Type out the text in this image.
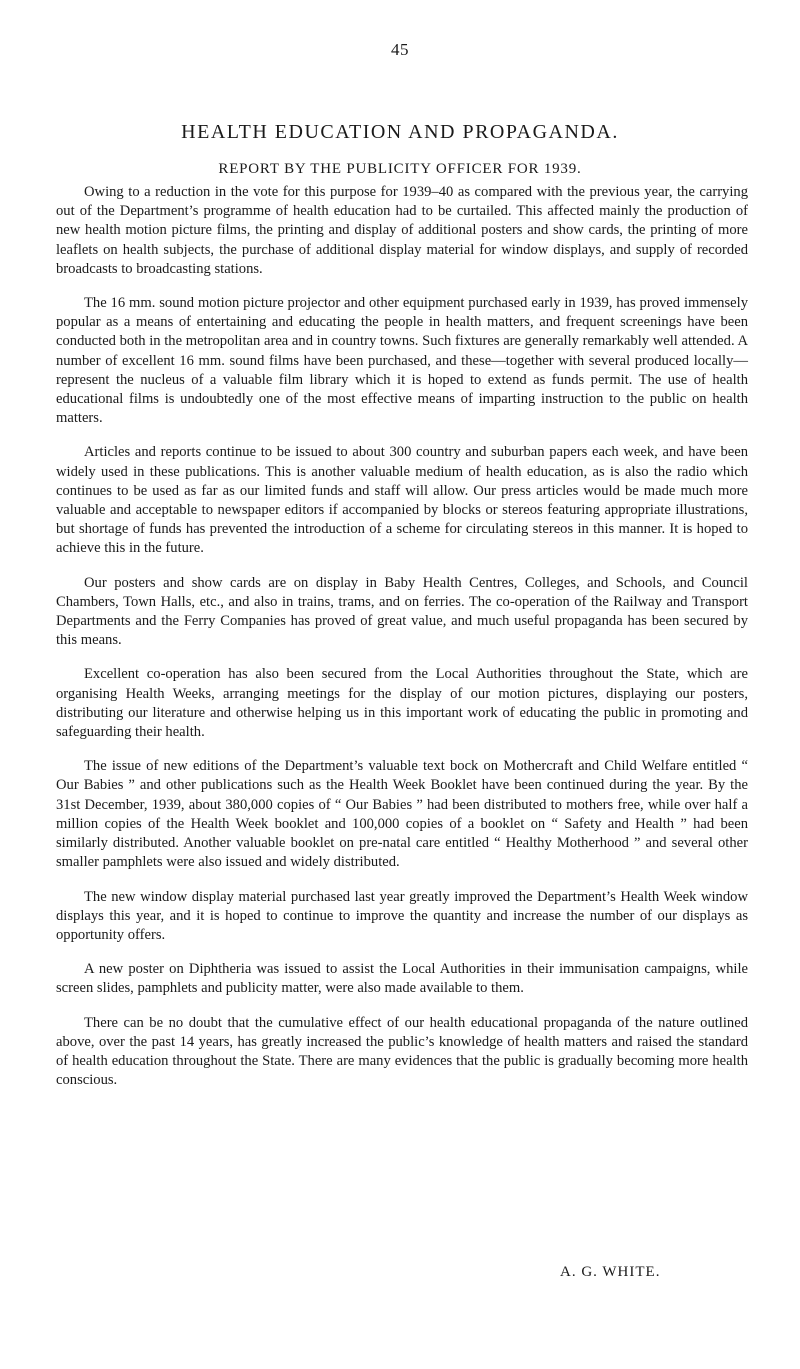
45
HEALTH EDUCATION AND PROPAGANDA.
REPORT BY THE PUBLICITY OFFICER FOR 1939.

Owing to a reduction in the vote for this purpose for 1939–40 as compared with the previous year, the carrying out of the Department’s programme of health education had to be curtailed. This affected mainly the production of new health motion picture films, the printing and display of additional posters and show cards, the printing of more leaflets on health subjects, the purchase of additional display material for window displays, and supply of recorded broadcasts to broadcasting stations.

The 16 mm. sound motion picture projector and other equipment purchased early in 1939, has proved immensely popular as a means of entertaining and educating the people in health matters, and frequent screenings have been conducted both in the metropolitan area and in country towns. Such fixtures are generally remarkably well attended. A number of excellent 16 mm. sound films have been purchased, and these—together with several produced locally—represent the nucleus of a valuable film library which it is hoped to extend as funds permit. The use of health educational films is undoubtedly one of the most effective means of imparting instruction to the public on health matters.

Articles and reports continue to be issued to about 300 country and suburban papers each week, and have been widely used in these publications. This is another valuable medium of health education, as is also the radio which continues to be used as far as our limited funds and staff will allow. Our press articles would be made much more valuable and acceptable to newspaper editors if accompanied by blocks or stereos featuring appropriate illustrations, but shortage of funds has prevented the introduction of a scheme for circulating stereos in this manner. It is hoped to achieve this in the future.

Our posters and show cards are on display in Baby Health Centres, Colleges, and Schools, and Council Chambers, Town Halls, etc., and also in trains, trams, and on ferries. The co-operation of the Railway and Transport Departments and the Ferry Companies has proved of great value, and much useful propaganda has been secured by this means.

Excellent co-operation has also been secured from the Local Authorities throughout the State, which are organising Health Weeks, arranging meetings for the display of our motion pictures, displaying our posters, distributing our literature and otherwise helping us in this important work of educating the public in promoting and safeguarding their health.

The issue of new editions of the Department’s valuable text bock on Mothercraft and Child Welfare entitled “ Our Babies ” and other publications such as the Health Week Booklet have been continued during the year. By the 31st December, 1939, about 380,000 copies of “ Our Babies ” had been distributed to mothers free, while over half a million copies of the Health Week booklet and 100,000 copies of a booklet on “ Safety and Health ” had been similarly distributed. Another valuable booklet on pre-natal care entitled “ Healthy Motherhood ” and several other smaller pamphlets were also issued and widely distributed.

The new window display material purchased last year greatly improved the Department’s Health Week window displays this year, and it is hoped to continue to improve the quantity and increase the number of our displays as opportunity offers.

A new poster on Diphtheria was issued to assist the Local Authorities in their immunisation campaigns, while screen slides, pamphlets and publicity matter, were also made available to them.

There can be no doubt that the cumulative effect of our health educational propaganda of the nature outlined above, over the past 14 years, has greatly increased the public’s knowledge of health matters and raised the standard of health education throughout the State. There are many evidences that the public is gradually becoming more health conscious.

A. G. WHITE.
